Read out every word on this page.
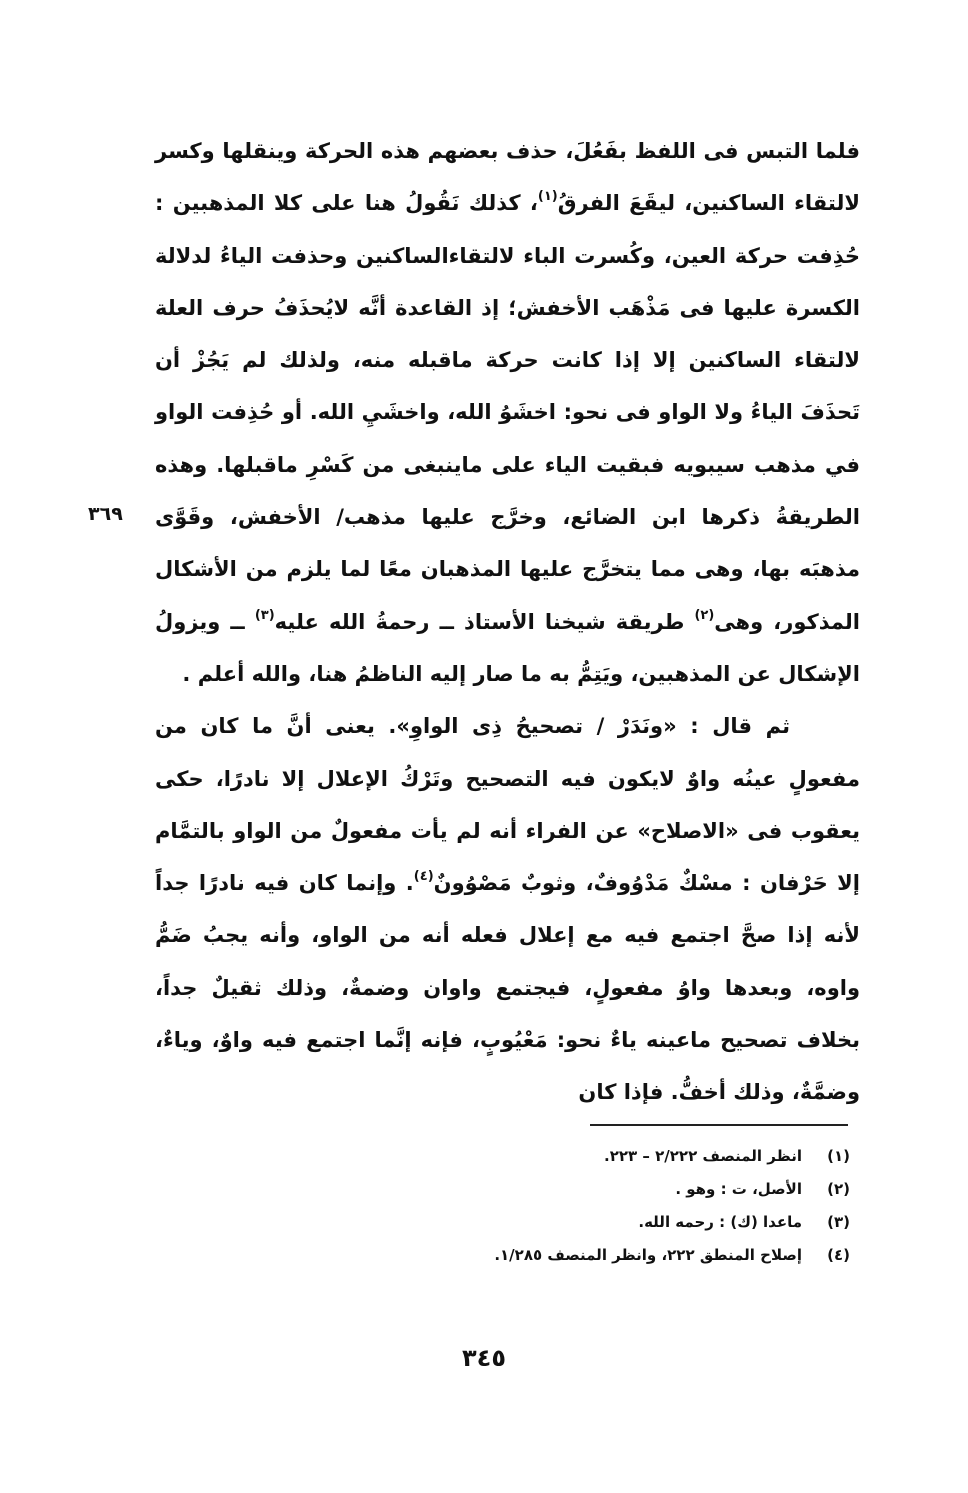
فلما التبس فى اللفظ بفَعُلَ، حذف بعضهم هذه الحركة وينقلها وكسر لالتقاء الساكنين، ليقَعَ الفرقُ$^{(١)}$، كذلك نَقُولُ هنا على كلا المذهبين : حُذِفت حركة العين، وكُسرت الباء لالتقاءالساكنين وحذفت الياءُ لدلالة الكسرة عليها فى مَذْهَب الأخفش؛ إذ القاعدة أنَّه لايُحذَفُ حرف العلة لالتقاء الساكنين إلا إذا كانت حركة ماقبله منه، ولذلك لم يَجُزْ أن تَحذَفَ الياءُ ولا الواو فى نحو: اخشَوُ الله، واخشَيِ الله. أو حُذِفت الواو في مذهب سيبويه فبقيت الياء على ماينبغى من كَسْرِ ماقبلها. وهذه الطريقةُ ذكرها ابن الضائع، وخرَّج عليها مذهب/ الأخفش، وقَوَّى مذهبَه بها، وهى مما يتخرَّج عليها المذهبان معًا لما يلزم من الأشكال المذكور، وهى$^{(٢)}$ طريقة شيخنا الأستاذ ــ رحمةُ الله عليه$^{(٣)}$ ــ ويزولُ الإشكال عن المذهبين، ويَتِمُّ به ما صار إليه الناظمُ هنا، والله أعلم .

ثم قال : «ونَدَرْ / تصحيحُ ذِى الواوِ». يعنى أنَّ ما كان من مفعولٍ عينُه واوٌ لايكون فيه التصحيح وتَرْكُ الإعلال إلا نادرًا، حكى يعقوب فى «الاصلاح» عن الفراء أنه لم يأت مفعولٌ من الواو بالتمَّام إلا حَرْفان : مسْكٌ مَدْوُوفٌ، وثوبٌ مَصْوُونٌ$^{(٤)}$. وإنما كان فيه نادرًا جداً لأنه إذا صحَّ اجتمع فيه مع إعلال فعله أنه من الواو، وأنه يجبُ ضَمُّ واوه، وبعدها واوُ مفعولٍ، فيجتمع واوان وضمةٌ، وذلك ثقيلٌ جداً، بخلاف تصحيح ماعينه ياءٌ نحو: مَعْيُوبٍ، فإنه إنَّما اجتمع فيه واوٌ، وياءٌ، وضمَّةٌ، وذلك أخفُّ. فإذا كان

٣٦٩
(١)
انظر المنصف ٢/٢٢٢ – ٢٢٣.
(٢)
الأصل، ت : وهو .
(٣)
ماعدا (ك) : رحمه الله.
(٤)
إصلاح المنطق ٢٢٢، وانظر المنصف ١/٢٨٥.
٣٤٥
